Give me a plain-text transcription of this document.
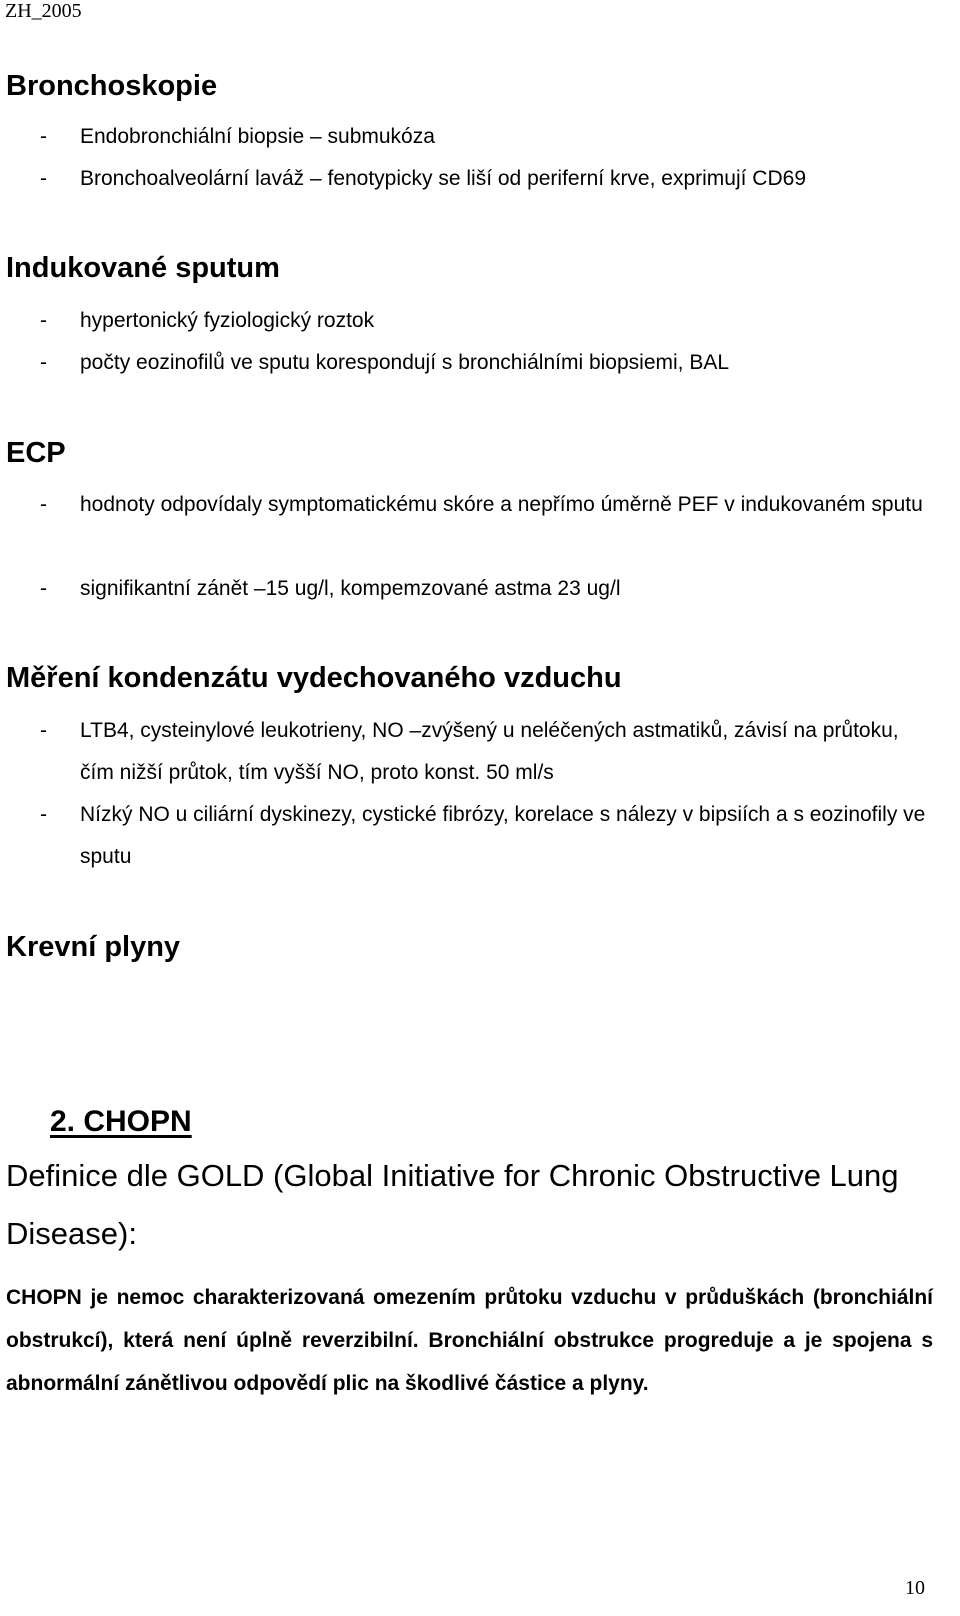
ZH_2005
Bronchoskopie

- Endobronchiální biopsie – submukóza

- Bronchoalveolární laváž – fenotypicky se liší od periferní krve, exprimují CD69

Indukované sputum

- hypertonický fyziologický roztok

- počty eozinofilů ve sputu korespondují s bronchiálními biopsiemi, BAL

ECP

- hodnoty odpovídaly symptomatickému skóre a nepřímo úměrně PEF v indukovaném sputu

- signifikantní zánět –15 ug/l, kompemzované astma 23 ug/l

Měření kondenzátu vydechovaného vzduchu

- LTB4, cysteinylové leukotrieny, NO –zvýšený u neléčených astmatiků, závisí na průtoku, čím nižší průtok, tím vyšší NO, proto konst. 50 ml/s

- Nízký NO u ciliární dyskinezy, cystické fibrózy, korelace s nálezy v bipsiích a s eozinofily ve sputu

Krevní plyny
2. CHOPN
Definice dle GOLD (Global Initiative for Chronic Obstructive Lung Disease):

CHOPN je nemoc charakterizovaná omezením průtoku vzduchu v průduškách (bronchiální obstrukcí), která není úplně reverzibilní. Bronchiální obstrukce progreduje a je spojena s abnormální zánětlivou odpovědí plic na škodlivé částice a plyny.

10
